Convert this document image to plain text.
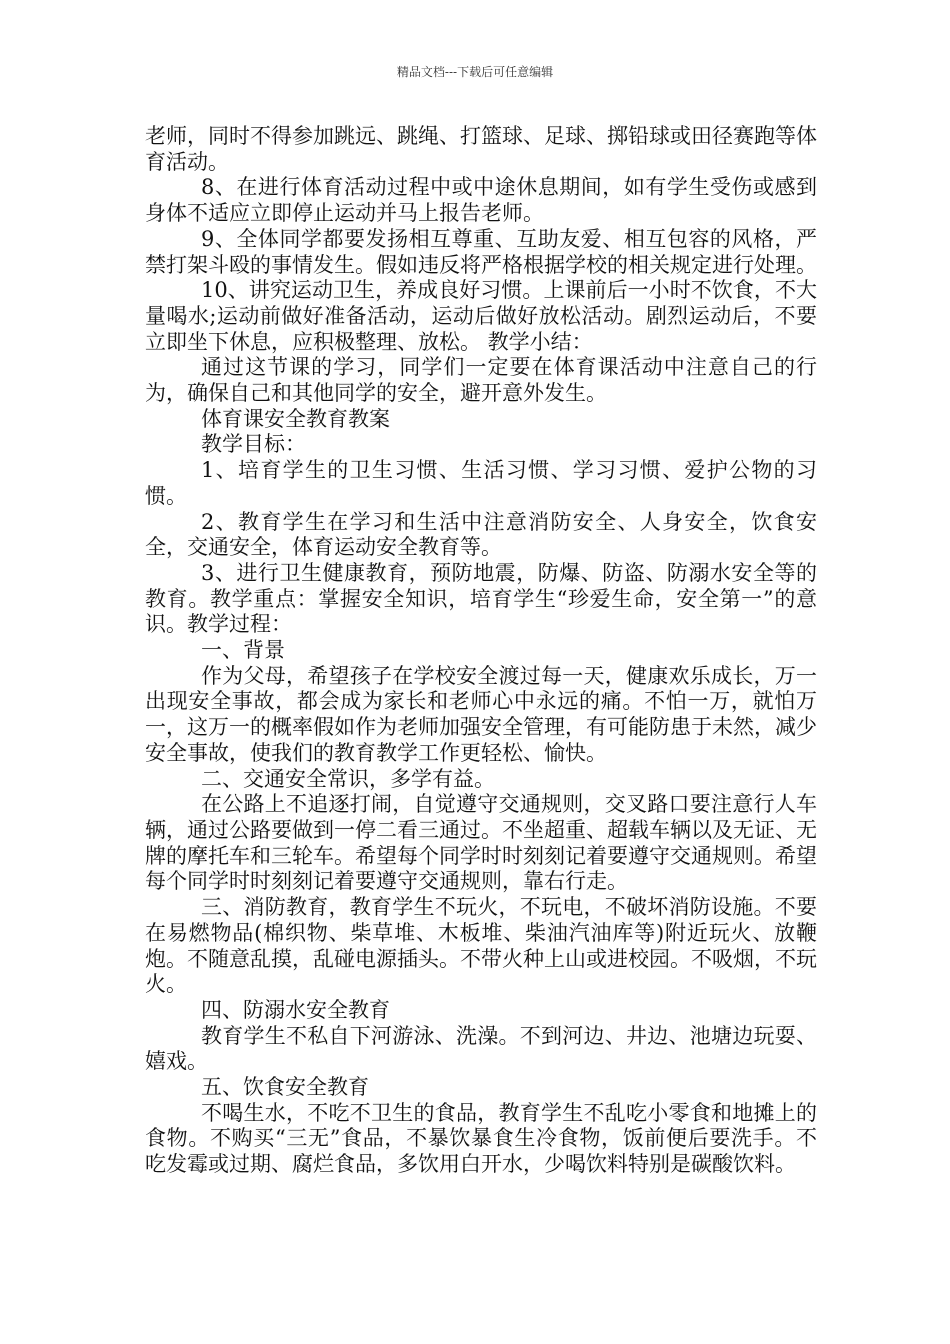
精品文档---下载后可任意编辑

老师，同时不得参加跳远、跳绳、打篮球、足球、掷铅球或田径赛跑等体育活动。

8、在进行体育活动过程中或中途休息期间，如有学生受伤或感到身体不适应立即停止运动并马上报告老师。

9、全体同学都要发扬相互尊重、互助友爱、相互包容的风格，严禁打架斗殴的事情发生。假如违反将严格根据学校的相关规定进行处理。

10、讲究运动卫生，养成良好习惯。上课前后一小时不饮食，不大量喝水;运动前做好准备活动，运动后做好放松活动。剧烈运动后，不要立即坐下休息，应积极整理、放松。 教学小结：

通过这节课的学习，同学们一定要在体育课活动中注意自己的行为，确保自己和其他同学的安全，避开意外发生。

体育课安全教育教案

教学目标：

1、培育学生的卫生习惯、生活习惯、学习习惯、爱护公物的习惯。

2、教育学生在学习和生活中注意消防安全、人身安全，饮食安全，交通安全，体育运动安全教育等。

3、进行卫生健康教育，预防地震，防爆、防盗、防溺水安全等的教育。教学重点：掌握安全知识，培育学生“珍爱生命，安全第一”的意识。教学过程：

一、背景

作为父母，希望孩子在学校安全渡过每一天，健康欢乐成长，万一出现安全事故，都会成为家长和老师心中永远的痛。不怕一万，就怕万一，这万一的概率假如作为老师加强安全管理，有可能防患于未然，减少安全事故，使我们的教育教学工作更轻松、愉快。

二、交通安全常识，多学有益。

在公路上不追逐打闹，自觉遵守交通规则，交叉路口要注意行人车辆，通过公路要做到一停二看三通过。不坐超重、超载车辆以及无证、无牌的摩托车和三轮车。希望每个同学时时刻刻记着要遵守交通规则。希望每个同学时时刻刻记着要遵守交通规则，靠右行走。

三、消防教育，教育学生不玩火，不玩电，不破坏消防设施。不要在易燃物品(棉织物、柴草堆、木板堆、柴油汽油库等)附近玩火、放鞭炮。不随意乱摸，乱碰电源插头。不带火种上山或进校园。不吸烟，不玩火。

四、防溺水安全教育

教育学生不私自下河游泳、洗澡。不到河边、井边、池塘边玩耍、嬉戏。

五、饮食安全教育

不喝生水，不吃不卫生的食品，教育学生不乱吃小零食和地摊上的食物。不购买“三无”食品，不暴饮暴食生冷食物，饭前便后要洗手。不吃发霉或过期、腐烂食品，多饮用白开水，少喝饮料特别是碳酸饮料。
